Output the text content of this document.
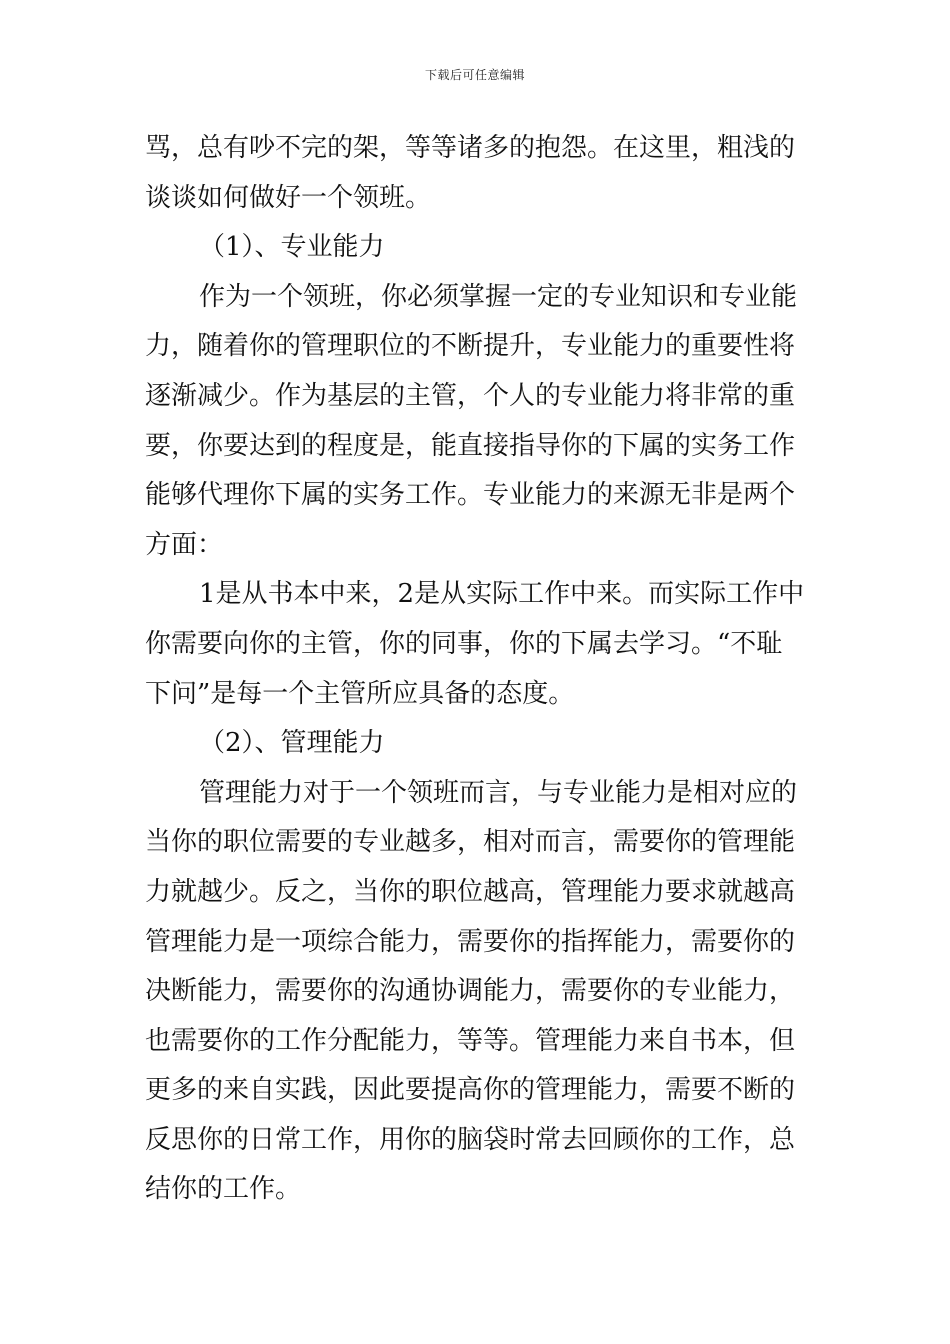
下载后可任意编辑
骂，总有吵不完的架，等等诸多的抱怨。在这里，粗浅的
谈谈如何做好一个领班。
（1）、专业能力
作为一个领班，你必须掌握一定的专业知识和专业能
力，随着你的管理职位的不断提升，专业能力的重要性将
逐渐减少。作为基层的主管，个人的专业能力将非常的重
要，你要达到的程度是，能直接指导你的下属的实务工作
能够代理你下属的实务工作。专业能力的来源无非是两个
方面：
1是从书本中来，2是从实际工作中来。而实际工作中
你需要向你的主管，你的同事，你的下属去学习。“不耻
下问”是每一个主管所应具备的态度。
（2）、管理能力
管理能力对于一个领班而言，与专业能力是相对应的
当你的职位需要的专业越多，相对而言，需要你的管理能
力就越少。反之，当你的职位越高，管理能力要求就越高
管理能力是一项综合能力，需要你的指挥能力，需要你的
决断能力，需要你的沟通协调能力，需要你的专业能力，
也需要你的工作分配能力，等等。管理能力来自书本，但
更多的来自实践，因此要提高你的管理能力，需要不断的
反思你的日常工作，用你的脑袋时常去回顾你的工作，总
结你的工作。
